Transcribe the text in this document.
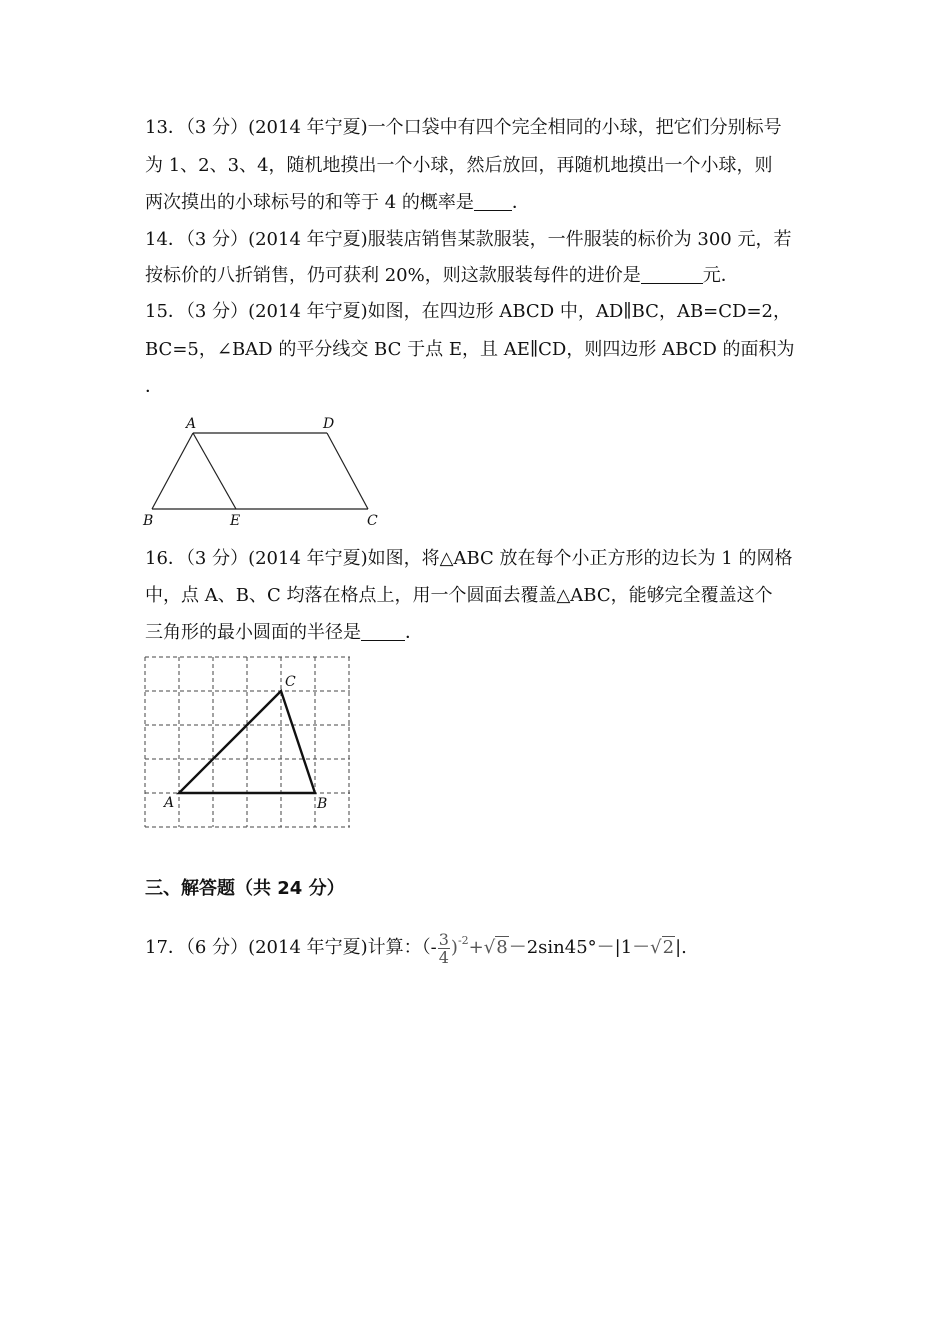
13．（3 分）(2014 年宁夏)一个口袋中有四个完全相同的小球，把它们分别标号
为 1、2、3、4，随机地摸出一个小球，然后放回，再随机地摸出一个小球，则
两次摸出的小球标号的和等于 4 的概率是 ．
14．（3 分）(2014 年宁夏)服装店销售某款服装，一件服装的标价为 300 元，若
按标价的八折销售，仍可获利 20%，则这款服装每件的进价是	元．
15．（3 分）(2014 年宁夏)如图，在四边形 ABCD 中，AD∥BC，AB=CD=2，
BC=5，∠BAD 的平分线交 BC 于点 E，且 AE∥CD，则四边形 ABCD 的面积为
．
A	D
B	E	C
16．（3 分）(2014 年宁夏)如图，将△ABC 放在每个小正方形的边长为 1 的网格
中，点 A、B、C 均落在格点上，用一个圆面去覆盖△ABC，能够完全覆盖这个
三角形的最小圆面的半径是 ．
A	B
C
三、解答题（共 24 分）
17．（6 分）(2014 年宁夏)计算：（- $\frac{3}{4} )^{-2}+√8-2\sin 45^\circ-|1-√2|$.
